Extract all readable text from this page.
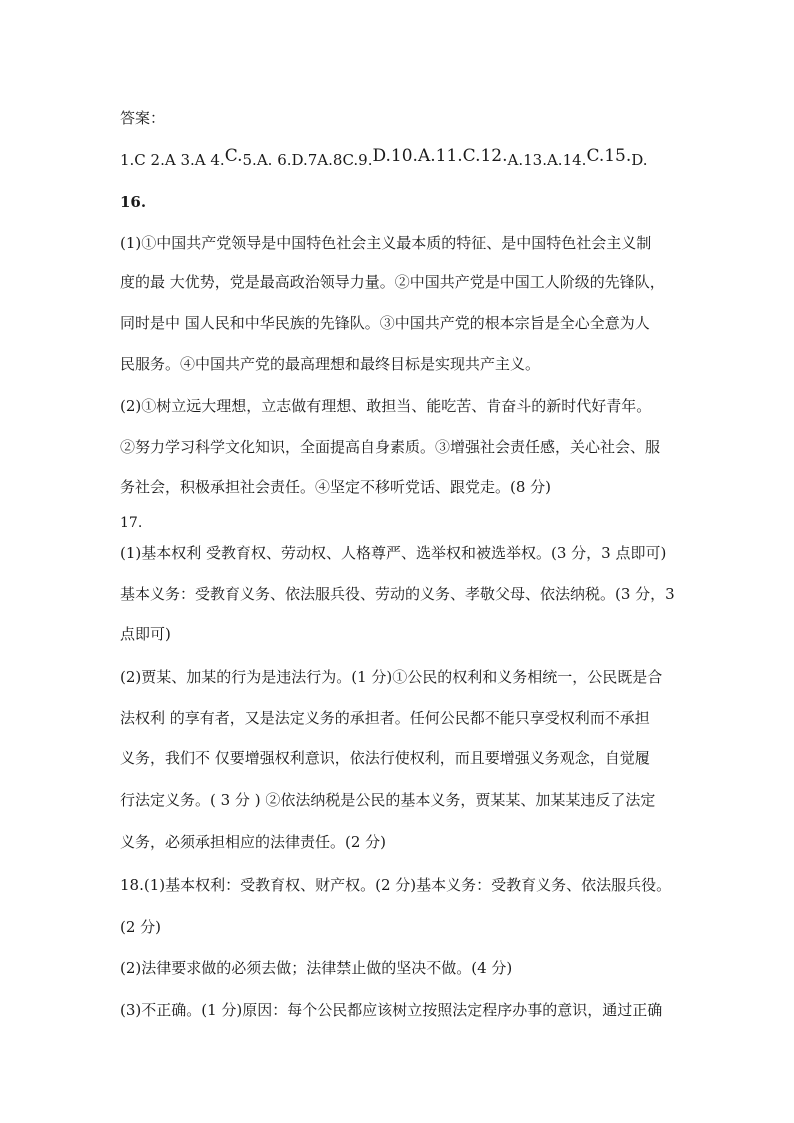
答案：
1.C 2.A 3.A 4.C.5.A. 6.D.7A.8C.9.D.10.A.11.C.12.A.13.A.14.C.15.D.
16.
(1)①中国共产党领导是中国特色社会主义最本质的特征、是中国特色社会主义制
度的最 大优势，党是最高政治领导力量。②中国共产党是中国工人阶级的先锋队，
同时是中 国人民和中华民族的先锋队。③中国共产党的根本宗旨是全心全意为人
民服务。④中国共产党的最高理想和最终目标是实现共产主义。
(2)①树立远大理想，立志做有理想、敢担当、能吃苦、肯奋斗的新时代好青年。
②努力学习科学文化知识，全面提高自身素质。③增强社会责任感，关心社会、服
务社会，积极承担社会责任。④坚定不移听党话、跟党走。(8 分)
17.
(1)基本权利 受教育权、劳动权、人格尊严、选举权和被选举权。(3 分，3 点即可)
基本义务：受教育义务、依法服兵役、劳动的义务、孝敬父母、依法纳税。(3 分，3
点即可)
(2)贾某、加某的行为是违法行为。(1 分)①公民的权利和义务相统一，公民既是合
法权利 的享有者，又是法定义务的承担者。任何公民都不能只享受权利而不承担
义务，我们不 仅要增强权利意识，依法行使权利，而且要增强义务观念，自觉履
行法定义务。( 3 分 ) ②依法纳税是公民的基本义务，贾某某、加某某违反了法定
义务，必须承担相应的法律责任。(2 分)
18.(1)基本权利：受教育权、财产权。(2 分)基本义务：受教育义务、依法服兵役。
(2 分)
(2)法律要求做的必须去做；法律禁止做的坚决不做。(4 分)
(3)不正确。(1 分)原因：每个公民都应该树立按照法定程序办事的意识，通过正确
